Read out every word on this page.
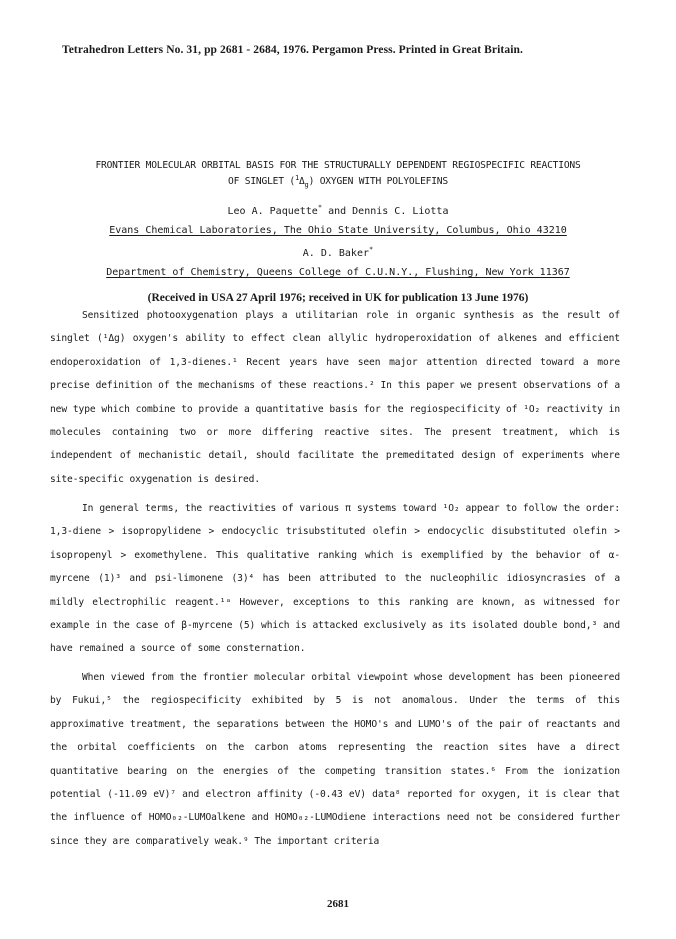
Tetrahedron Letters No. 31, pp 2681 - 2684, 1976. Pergamon Press. Printed in Great Britain.
FRONTIER MOLECULAR ORBITAL BASIS FOR THE STRUCTURALLY DEPENDENT REGIOSPECIFIC REACTIONS
OF SINGLET $(^1\Delta_g)$ OXYGEN WITH POLYOLEFINS
Leo A. Paquette* and Dennis C. Liotta
Evans Chemical Laboratories, The Ohio State University, Columbus, Ohio 43210
A. D. Baker*
Department of Chemistry, Queens College of C.U.N.Y., Flushing, New York 11367
(Received in USA 27 April 1976; received in UK for publication 13 June 1976)
Sensitized photooxygenation plays a utilitarian role in organic synthesis as the result of singlet (¹Δg) oxygen's ability to effect clean allylic hydroperoxidation of alkenes and efficient endoperoxidation of 1,3-dienes.¹ Recent years have seen major attention directed toward a more precise definition of the mechanisms of these reactions.² In this paper we present observations of a new type which combine to provide a quantitative basis for the regiospecificity of ¹O₂ reactivity in molecules containing two or more differing reactive sites. The present treatment, which is independent of mechanistic detail, should facilitate the premeditated design of experiments where site-specific oxygenation is desired.
In general terms, the reactivities of various π systems toward ¹O₂ appear to follow the order: 1,3-diene > isopropylidene > endocyclic trisubstituted olefin > endocyclic disubstituted olefin > isopropenyl > exomethylene. This qualitative ranking which is exemplified by the behavior of α-myrcene (1)³ and psi-limonene (3)⁴ has been attributed to the nucleophilic idiosyncrasies of a mildly electrophilic reagent.¹ᵃ However, exceptions to this ranking are known, as witnessed for example in the case of β-myrcene (5) which is attacked exclusively as its isolated double bond,³ and have remained a source of some consternation.
When viewed from the frontier molecular orbital viewpoint whose development has been pioneered by Fukui,⁵ the regiospecificity exhibited by 5 is not anomalous. Under the terms of this approximative treatment, the separations between the HOMO's and LUMO's of the pair of reactants and the orbital coefficients on the carbon atoms representing the reaction sites have a direct quantitative bearing on the energies of the competing transition states.⁶ From the ionization potential (-11.09 eV)⁷ and electron affinity (-0.43 eV) data⁸ reported for oxygen, it is clear that the influence of HOMO₀₂-LUMOalkene and HOMO₀₂-LUMOdiene interactions need not be considered further since they are comparatively weak.⁹ The important criteria
2681
